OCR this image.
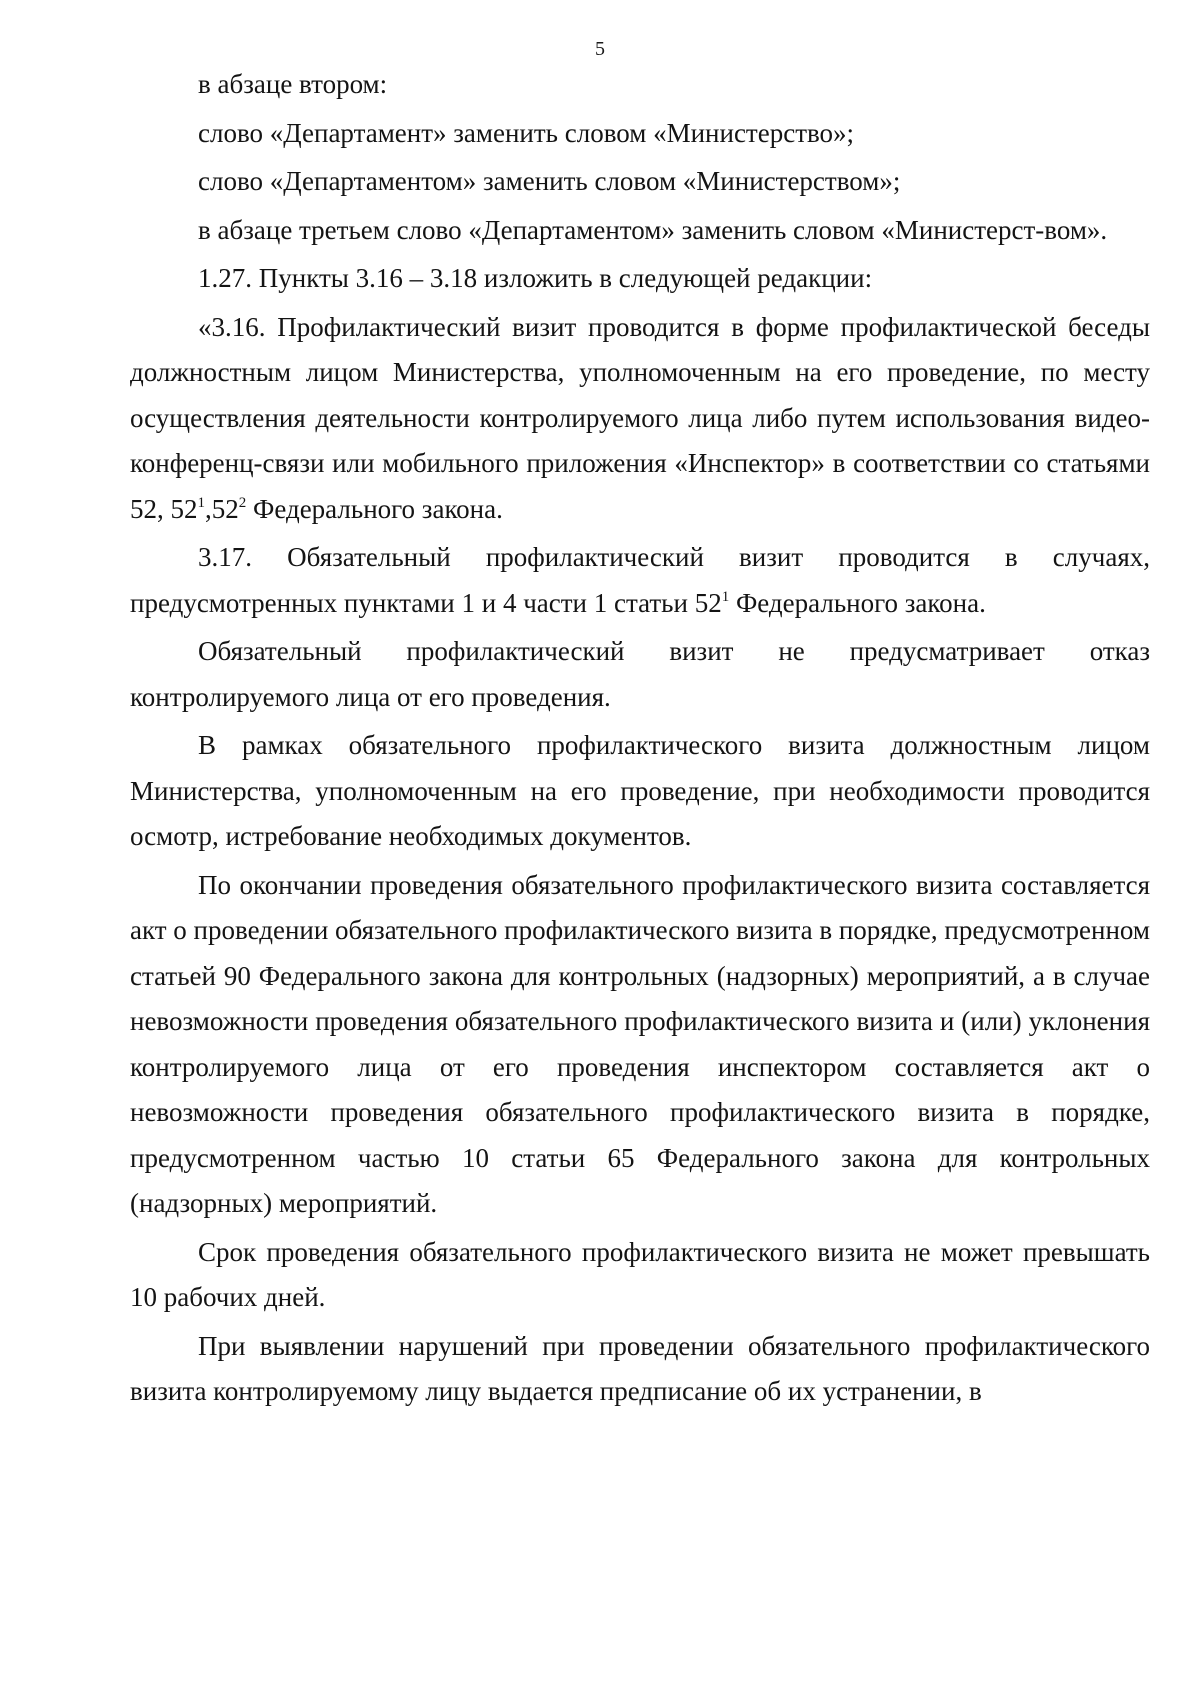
5

в абзаце втором:

слово «Департамент» заменить словом «Министерство»;

слово «Департаментом» заменить словом «Министерством»;

в абзаце третьем слово «Департаментом» заменить словом «Министерст-вом».

1.27. Пункты 3.16 – 3.18 изложить в следующей редакции:

«3.16. Профилактический визит проводится в форме профилактической беседы должностным лицом Министерства, уполномоченным на его проведение, по месту осуществления деятельности контролируемого лица либо путем использования видео-конференц-связи или мобильного приложения «Инспектор» в соответствии со статьями 52, $52^1,52^2$ Федерального закона.

3.17. Обязательный профилактический визит проводится в случаях, предусмотренных пунктами 1 и 4 части 1 статьи $52^1$ Федерального закона.

Обязательный профилактический визит не предусматривает отказ контролируемого лица от его проведения.

В рамках обязательного профилактического визита должностным лицом Министерства, уполномоченным на его проведение, при необходимости проводится осмотр, истребование необходимых документов.

По окончании проведения обязательного профилактического визита составляется акт о проведении обязательного профилактического визита в порядке, предусмотренном статьей 90 Федерального закона для контрольных (надзорных) мероприятий, а в случае невозможности проведения обязательного профилактического визита и (или) уклонения контролируемого лица от его проведения инспектором составляется акт о невозможности проведения обязательного профилактического визита в порядке, предусмотренном частью 10 статьи 65 Федерального закона для контрольных (надзорных) мероприятий.

Срок проведения обязательного профилактического визита не может превышать 10 рабочих дней.

При выявлении нарушений при проведении обязательного профилактического визита контролируемому лицу выдается предписание об их устранении, в
